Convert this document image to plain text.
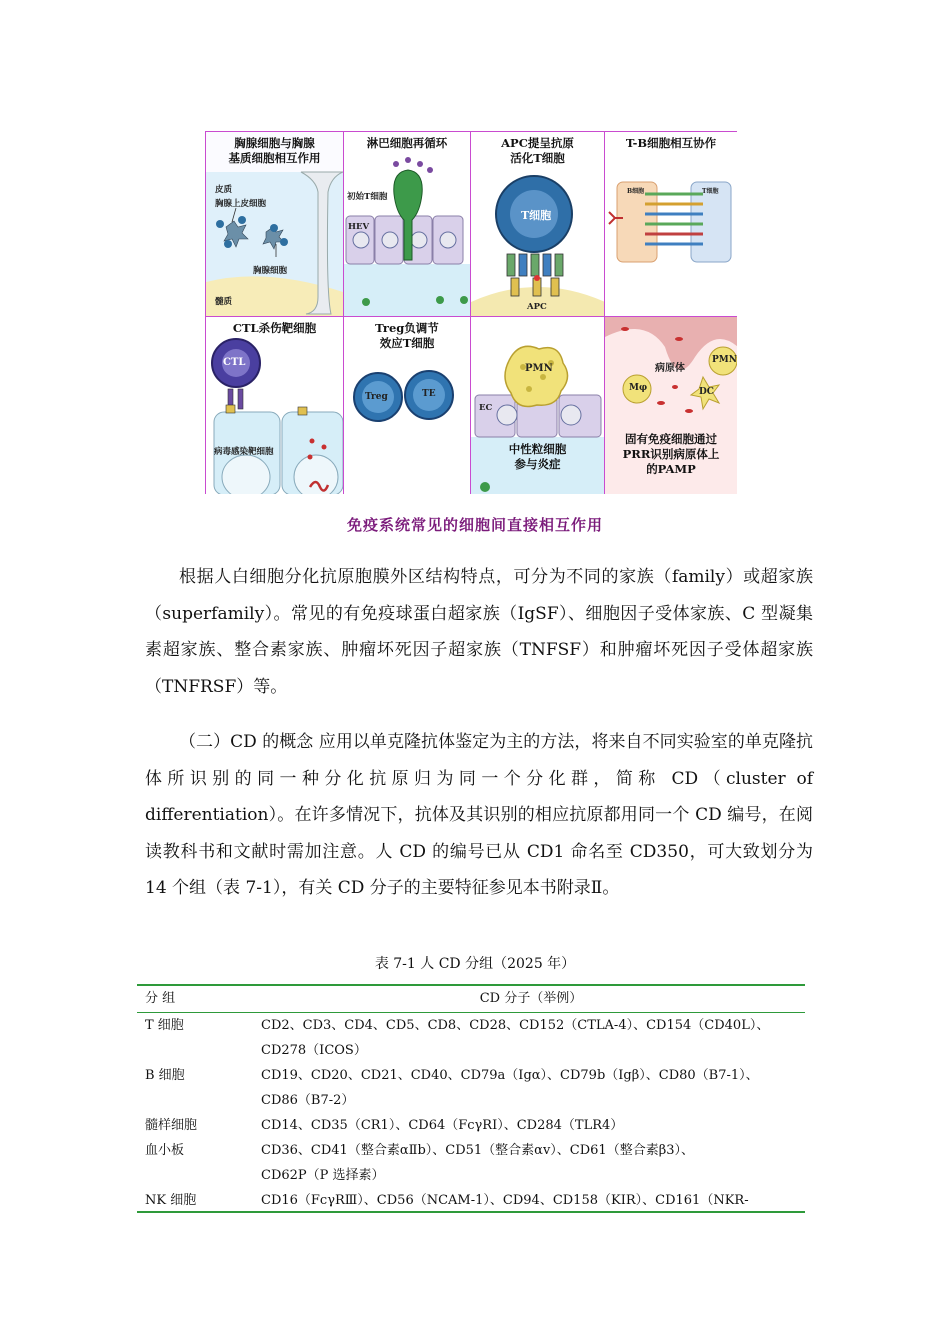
胸腺细胞与胸腺
基质细胞相互作用
皮质
胸腺上皮细胞
胸腺细胞
髓质
淋巴细胞再循环
初始T细胞
HEV
APC提呈抗原
活化T细胞
T细胞
APC
T-B细胞相互协作
B细胞	T细胞
CTL杀伤靶细胞
CTL
病毒感染靶细胞
Treg负调节
效应T细胞
Treg	TE
中性粒细胞
参与炎症
PMN
EC
固有免疫细胞通过
PRR识别病原体上
的PAMP
病原体
PMN
Mφ	DC
免疫系统常见的细胞间直接相互作用

根据人白细胞分化抗原胞膜外区结构特点，可分为不同的家族（family）或超家族（superfamily）。常见的有免疫球蛋白超家族（IgSF）、细胞因子受体家族、C 型凝集素超家族、整合素家族、肿瘤坏死因子超家族（TNFSF）和肿瘤坏死因子受体超家族（TNFRSF）等。

（二）CD 的概念 应用以单克隆抗体鉴定为主的方法，将来自不同实验室的单克隆抗体所识别的同一种分化抗原归为同一个分化群，简称 CD（cluster of differentiation）。在许多情况下，抗体及其识别的相应抗原都用同一个 CD 编号，在阅读教科书和文献时需加注意。人 CD 的编号已从 CD1 命名至 CD350，可大致划分为 14 个组（表 7-1），有关 CD 分子的主要特征参见本书附录Ⅱ。

表 7-1 人 CD 分组（2025 年）
分 组	CD 分子（举例）
T 细胞	CD2、CD3、CD4、CD5、CD8、CD28、CD152（CTLA-4）、CD154（CD40L）、
CD278（ICOS）
B 细胞	CD19、CD20、CD21、CD40、CD79a（Igα）、CD79b（Igβ）、CD80（B7-1）、
CD86（B7-2）
髓样细胞	CD14、CD35（CR1）、CD64（FcγRI）、CD284（TLR4）
血小板	CD36、CD41（整合素αⅡb）、CD51（整合素αv）、CD61（整合素β3）、
CD62P（P 选择素）
NK 细胞	CD16（FcγRⅢ）、CD56（NCAM-1）、CD94、CD158（KIR）、CD161（NKR-
